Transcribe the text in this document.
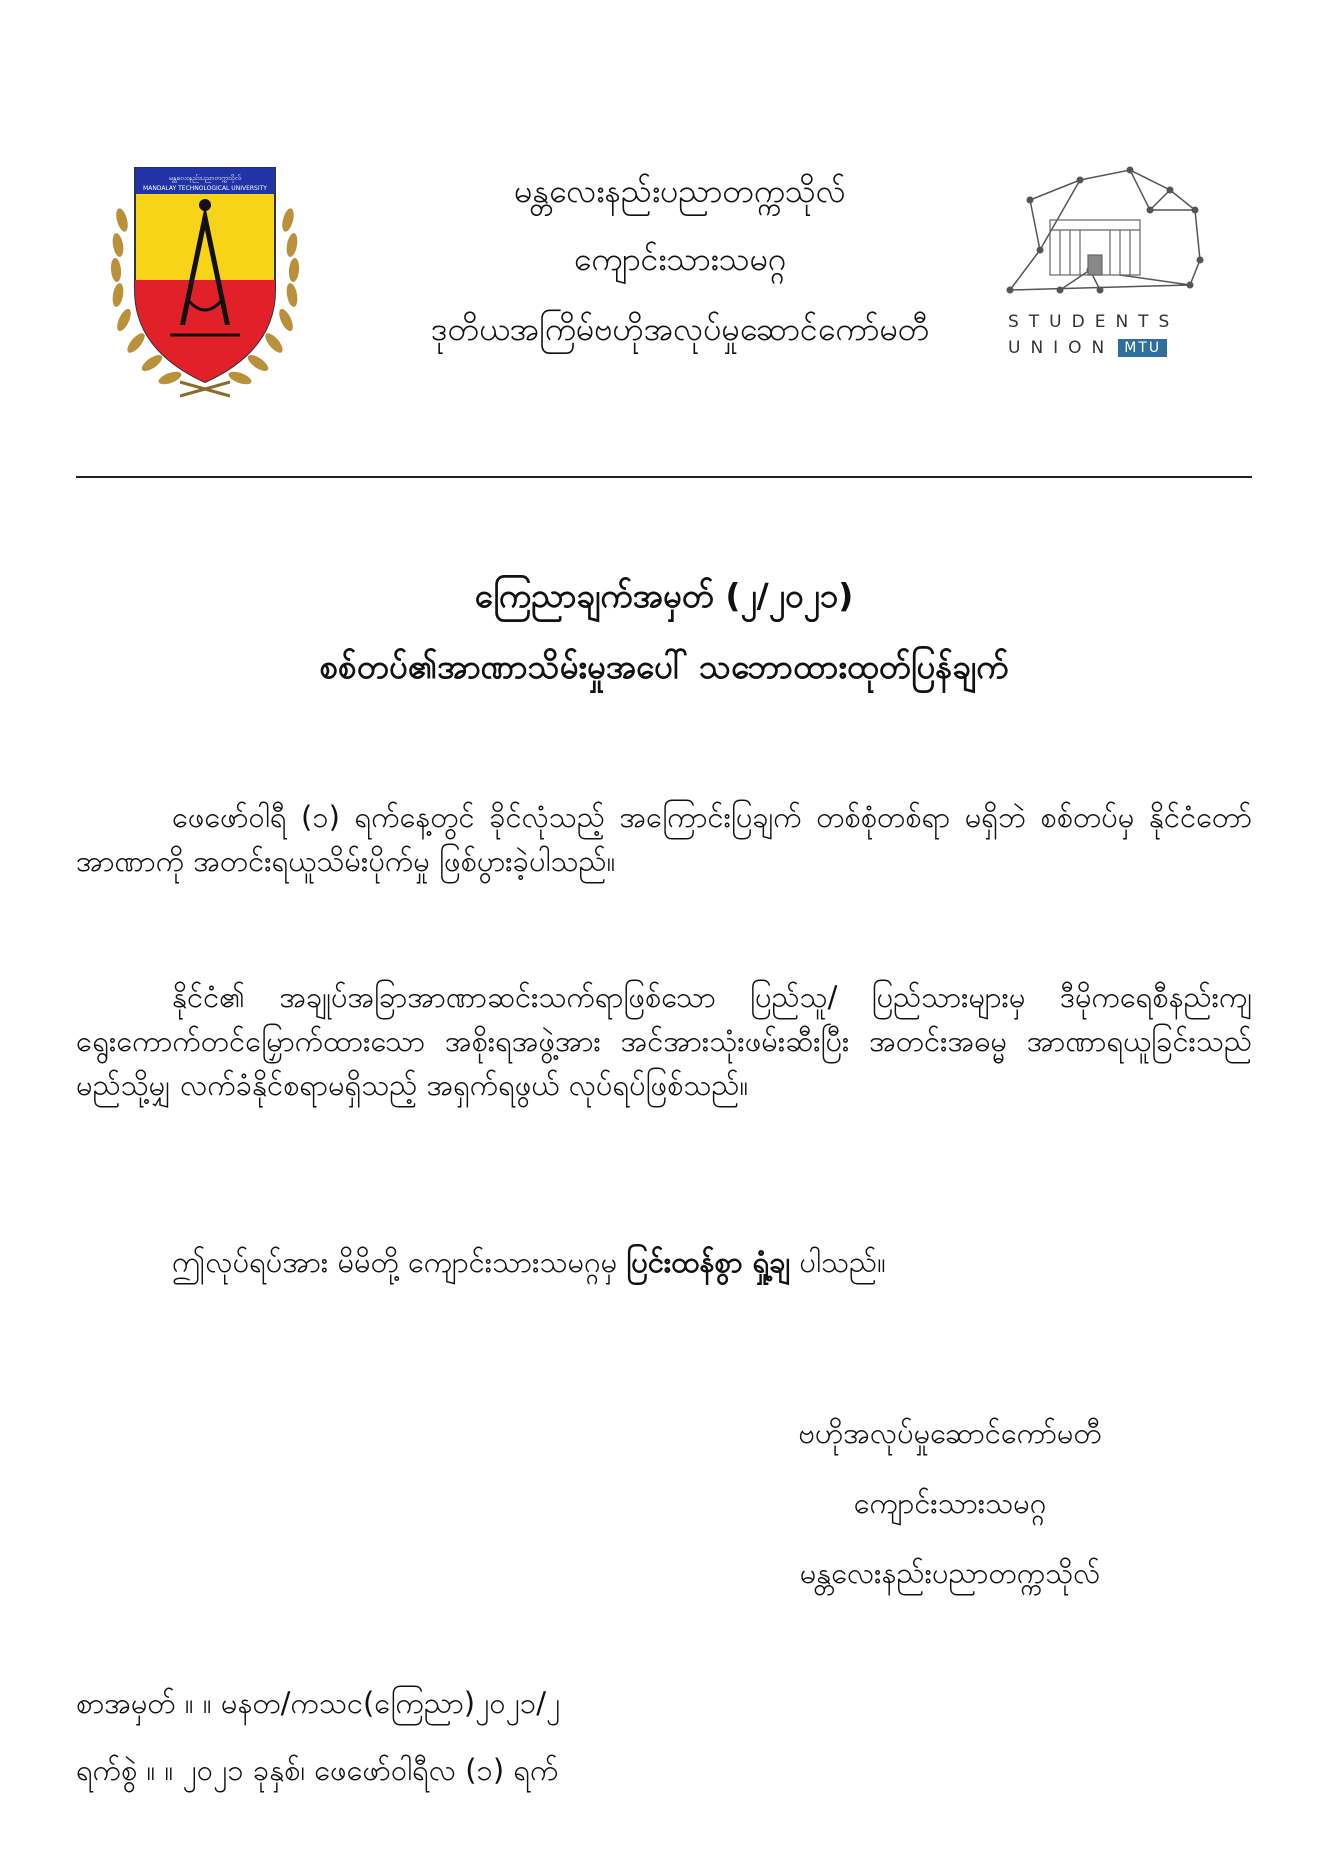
မန္တလေးနည်းပညာတက္ကသိုလ်
MANDALAY TECHNOLOGICAL UNIVERSITY	မန္တလေးနည်းပညာတက္ကသိုလ်
ကျောင်းသားသမဂ္ဂ
ဒုတိယအကြိမ်ဗဟိုအလုပ်မှုဆောင်ကော်မတီ	STUDENTS
UNION MTU
ကြေညာချက်အမှတ် (၂/၂၀၂၁)
စစ်တပ်၏အာဏာသိမ်းမှုအပေါ် သဘောထားထုတ်ပြန်ချက်
ဖေဖော်ဝါရီ (၁) ရက်နေ့တွင် ခိုင်လုံသည့် အကြောင်းပြချက် တစ်စုံတစ်ရာ မရှိဘဲ စစ်တပ်မှ နိုင်ငံတော်အာဏာကို အတင်းရယူသိမ်းပိုက်မှု ဖြစ်ပွားခဲ့ပါသည်။
နိုင်ငံ၏ အချုပ်အခြာအာဏာဆင်းသက်ရာဖြစ်သော ပြည်သူ/ ပြည်သားများမှ ဒီမိုကရေစီနည်းကျ ရွေးကောက်တင်မြှောက်ထားသော အစိုးရအဖွဲ့အား အင်အားသုံးဖမ်းဆီးပြီး အတင်းအဓမ္မ အာဏာရယူခြင်းသည် မည်သို့မျှ လက်ခံနိုင်စရာမရှိသည့် အရှက်ရဖွယ် လုပ်ရပ်ဖြစ်သည်။
ဤလုပ်ရပ်အား မိမိတို့ ကျောင်းသားသမဂ္ဂမှ ပြင်းထန်စွာ ရှုံ့ချ ပါသည်။
ဗဟိုအလုပ်မှုဆောင်ကော်မတီ
ကျောင်းသားသမဂ္ဂ
မန္တလေးနည်းပညာတက္ကသိုလ်
စာအမှတ် ။ ။ မနတ/ကသင(ကြေညာ)၂၀၂၁/၂
ရက်စွဲ ။ ။ ၂၀၂၁ ခုနှစ်၊ ဖေဖော်ဝါရီလ (၁) ရက်
